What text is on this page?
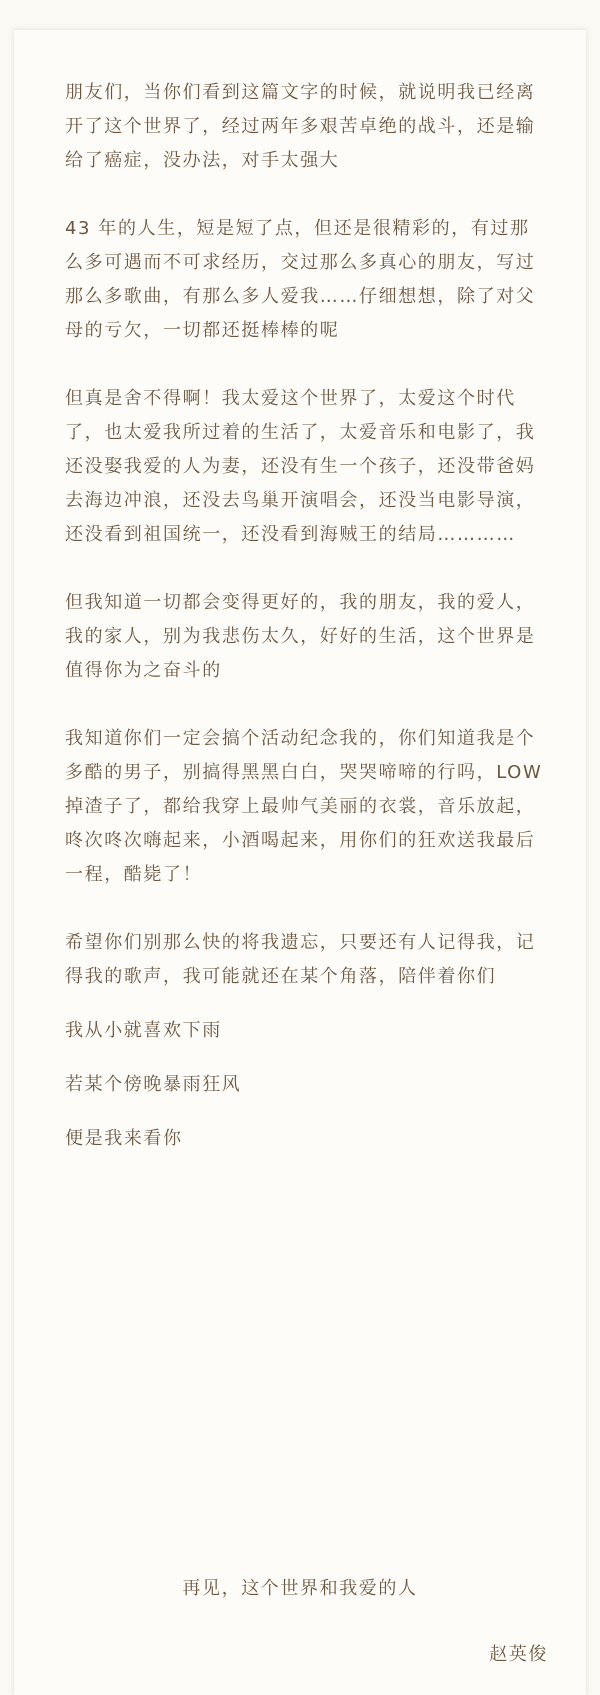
朋友们，当你们看到这篇文字的时候，就说明我已经离开了这个世界了，经过两年多艰苦卓绝的战斗，还是输给了癌症，没办法，对手太强大

43 年的人生，短是短了点，但还是很精彩的，有过那么多可遇而不可求经历，交过那么多真心的朋友，写过那么多歌曲，有那么多人爱我……仔细想想，除了对父母的亏欠，一切都还挺棒棒的呢

但真是舍不得啊！我太爱这个世界了，太爱这个时代了，也太爱我所过着的生活了，太爱音乐和电影了，我还没娶我爱的人为妻，还没有生一个孩子，还没带爸妈去海边冲浪，还没去鸟巢开演唱会，还没当电影导演，还没看到祖国统一，还没看到海贼王的结局…………

但我知道一切都会变得更好的，我的朋友，我的爱人，我的家人，别为我悲伤太久，好好的生活，这个世界是值得你为之奋斗的

我知道你们一定会搞个活动纪念我的，你们知道我是个多酷的男子，别搞得黑黑白白，哭哭啼啼的行吗，LOW 掉渣子了，都给我穿上最帅气美丽的衣裳，音乐放起，咚次咚次嗨起来，小酒喝起来，用你们的狂欢送我最后一程，酷毙了！

希望你们别那么快的将我遗忘，只要还有人记得我，记得我的歌声，我可能就还在某个角落，陪伴着你们

我从小就喜欢下雨

若某个傍晚暴雨狂风

便是我来看你

再见，这个世界和我爱的人
赵英俊
